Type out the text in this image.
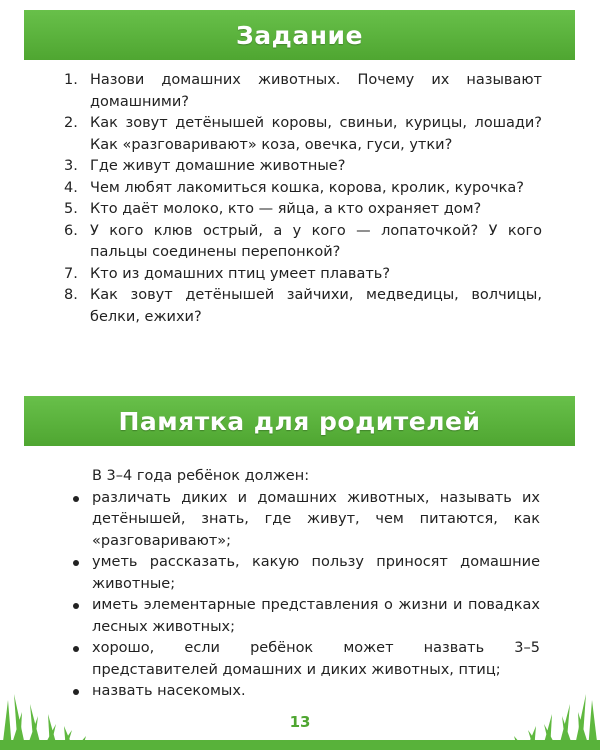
Задание
1. Назови домашних животных. Почему их называют домашними?
2. Как зовут детёнышей коровы, свиньи, курицы, лошади? Как «разговаривают» коза, овечка, гуси, утки?
3. Где живут домашние животные?
4. Чем любят лакомиться кошка, корова, кролик, курочка?
5. Кто даёт молоко, кто — яйца, а кто охраняет дом?
6. У кого клюв острый, а у кого — лопаточкой? У кого пальцы соединены перепонкой?
7. Кто из домашних птиц умеет плавать?
8. Как зовут детёнышей зайчихи, медведицы, волчицы, белки, ежихи?
Памятка для родителей
В 3–4 года ребёнок должен:
различать диких и домашних животных, называть их детёнышей, знать, где живут, чем питаются, как «разговаривают»;
уметь рассказать, какую пользу приносят домашние животные;
иметь элементарные представления о жизни и повадках лесных животных;
хорошо, если ребёнок может назвать 3–5 представителей домашних и диких животных, птиц;
назвать насекомых.
13
